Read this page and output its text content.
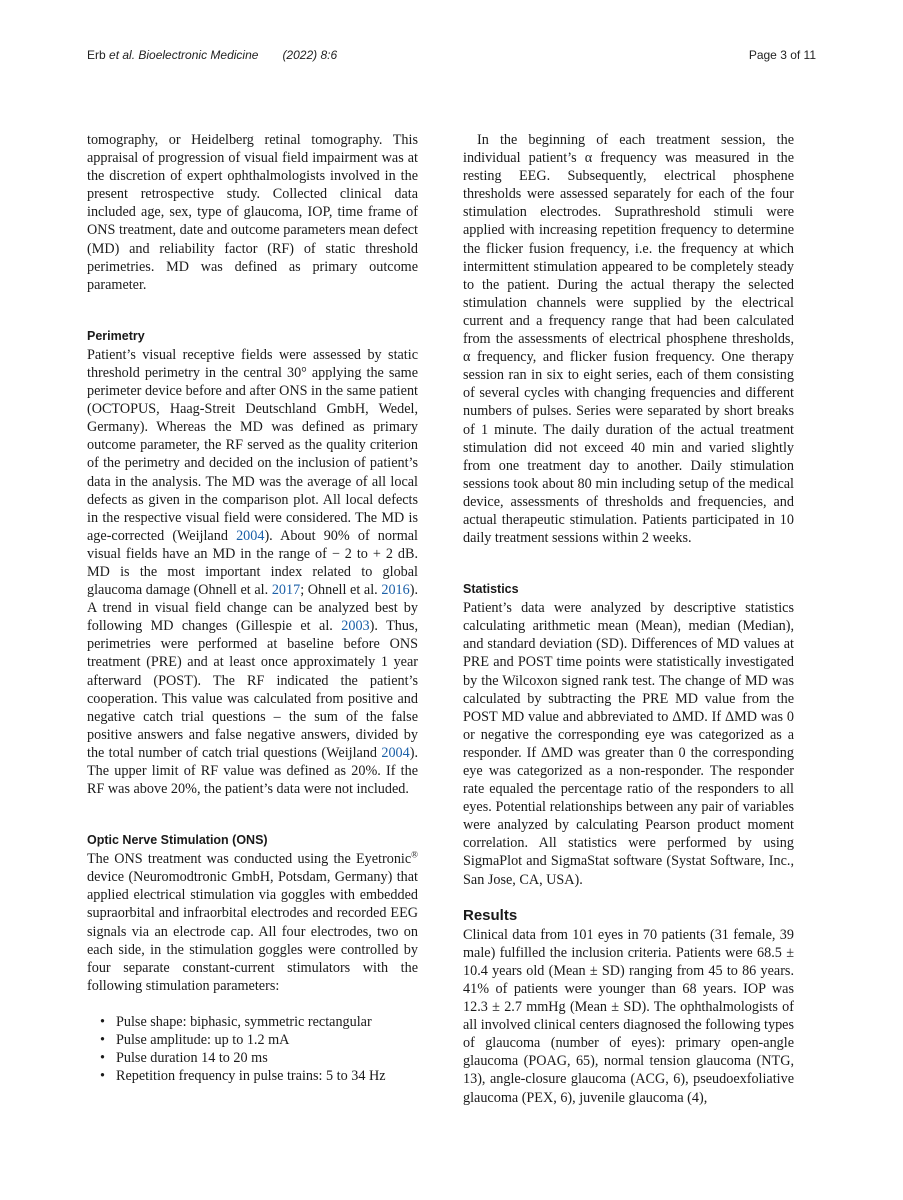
Erb et al. Bioelectronic Medicine (2022) 8:6	Page 3 of 11

tomography, or Heidelberg retinal tomography. This appraisal of progression of visual field impairment was at the discretion of expert ophthalmologists involved in the present retrospective study. Collected clinical data included age, sex, type of glaucoma, IOP, time frame of ONS treatment, date and outcome parameters mean defect (MD) and reliability factor (RF) of static threshold perimetries. MD was defined as primary outcome parameter.

Perimetry

Patient’s visual receptive fields were assessed by static threshold perimetry in the central 30° applying the same perimeter device before and after ONS in the same patient (OCTOPUS, Haag-Streit Deutschland GmbH, Wedel, Germany). Whereas the MD was defined as primary outcome parameter, the RF served as the quality criterion of the perimetry and decided on the inclusion of patient’s data in the analysis. The MD was the average of all local defects as given in the comparison plot. All local defects in the respective visual field were considered. The MD is age-corrected (Weijland 2004). About 90% of normal visual fields have an MD in the range of − 2 to + 2 dB. MD is the most important index related to global glaucoma damage (Ohnell et al. 2017; Ohnell et al. 2016). A trend in visual field change can be analyzed best by following MD changes (Gillespie et al. 2003). Thus, perimetries were performed at baseline before ONS treatment (PRE) and at least once approximately 1 year afterward (POST). The RF indicated the patient’s cooperation. This value was calculated from positive and negative catch trial questions – the sum of the false positive answers and false negative answers, divided by the total number of catch trial questions (Weijland 2004). The upper limit of RF value was defined as 20%. If the RF was above 20%, the patient’s data were not included.

Optic Nerve Stimulation (ONS)

The ONS treatment was conducted using the Eyetronic® device (Neuromodtronic GmbH, Potsdam, Germany) that applied electrical stimulation via goggles with embedded supraorbital and infraorbital electrodes and recorded EEG signals via an electrode cap. All four electrodes, two on each side, in the stimulation goggles were controlled by four separate constant-current stimulators with the following stimulation parameters:

• Pulse shape: biphasic, symmetric rectangular
• Pulse amplitude: up to 1.2 mA
• Pulse duration 14 to 20 ms
• Repetition frequency in pulse trains: 5 to 34 Hz

In the beginning of each treatment session, the individual patient’s α frequency was measured in the resting EEG. Subsequently, electrical phosphene thresholds were assessed separately for each of the four stimulation electrodes. Suprathreshold stimuli were applied with increasing repetition frequency to determine the flicker fusion frequency, i.e. the frequency at which intermittent stimulation appeared to be completely steady to the patient. During the actual therapy the selected stimulation channels were supplied by the electrical current and a frequency range that had been calculated from the assessments of electrical phosphene thresholds, α frequency, and flicker fusion frequency. One therapy session ran in six to eight series, each of them consisting of several cycles with changing frequencies and different numbers of pulses. Series were separated by short breaks of 1 minute. The daily duration of the actual treatment stimulation did not exceed 40 min and varied slightly from one treatment day to another. Daily stimulation sessions took about 80 min including setup of the medical device, assessments of thresholds and frequencies, and actual therapeutic stimulation. Patients participated in 10 daily treatment sessions within 2 weeks.

Statistics

Patient’s data were analyzed by descriptive statistics calculating arithmetic mean (Mean), median (Median), and standard deviation (SD). Differences of MD values at PRE and POST time points were statistically investigated by the Wilcoxon signed rank test. The change of MD was calculated by subtracting the PRE MD value from the POST MD value and abbreviated to ΔMD. If ΔMD was 0 or negative the corresponding eye was categorized as a responder. If ΔMD was greater than 0 the corresponding eye was categorized as a non-responder. The responder rate equaled the percentage ratio of the responders to all eyes. Potential relationships between any pair of variables were analyzed by calculating Pearson product moment correlation. All statistics were performed by using SigmaPlot and SigmaStat software (Systat Software, Inc., San Jose, CA, USA).

Results

Clinical data from 101 eyes in 70 patients (31 female, 39 male) fulfilled the inclusion criteria. Patients were 68.5 ± 10.4 years old (Mean ± SD) ranging from 45 to 86 years. 41% of patients were younger than 68 years. IOP was 12.3 ± 2.7 mmHg (Mean ± SD). The ophthalmologists of all involved clinical centers diagnosed the following types of glaucoma (number of eyes): primary open-angle glaucoma (POAG, 65), normal tension glaucoma (NTG, 13), angle-closure glaucoma (ACG, 6), pseudoexfoliative glaucoma (PEX, 6), juvenile glaucoma (4),
